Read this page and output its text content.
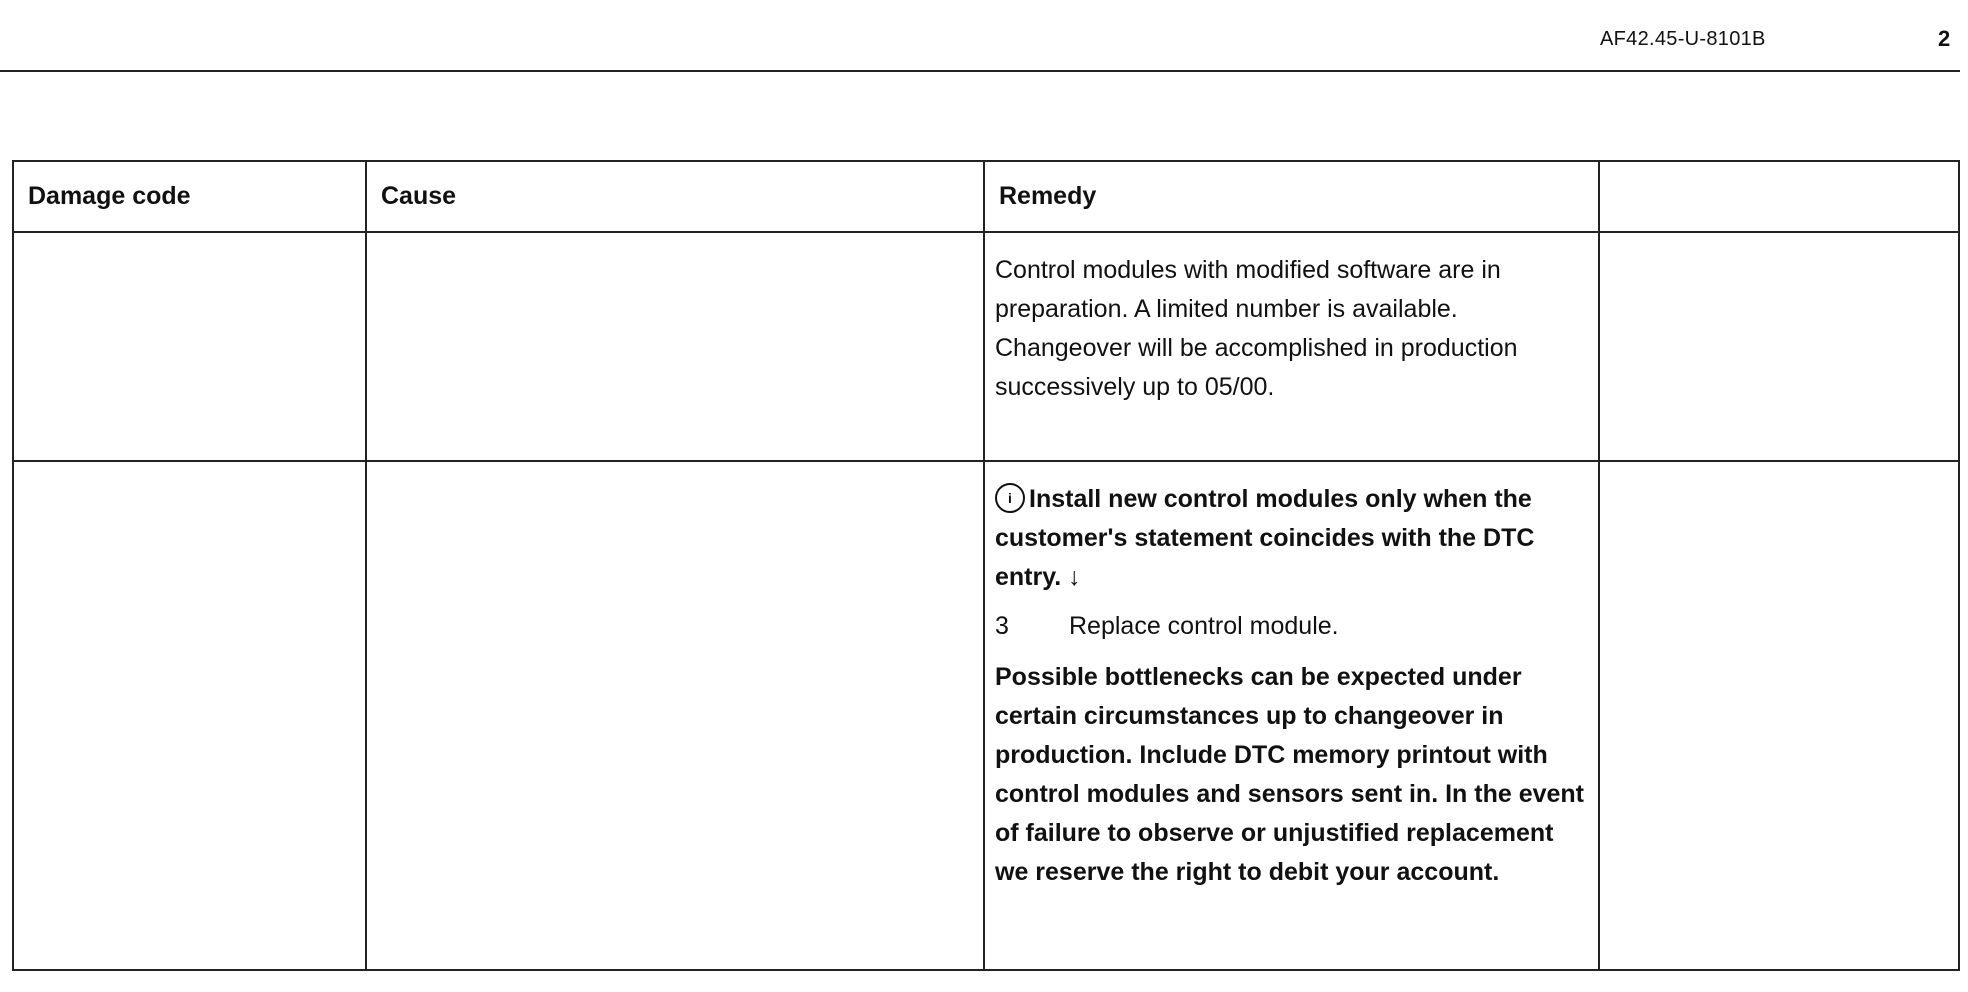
AF42.45-U-8101B	2
Damage code	Cause	Remedy	

		Control modules with modified software are in preparation. A limited number is available. Changeover will be accomplished in production successively up to 05/00.	

		i Install new control modules only when the customer's statement coincides with the DTC entry. ↓
3 Replace control module.
Possible bottlenecks can be expected under certain circumstances up to changeover in production. Include DTC memory printout with control modules and sensors sent in. In the event of failure to observe or unjustified replacement we reserve the right to debit your account.	
